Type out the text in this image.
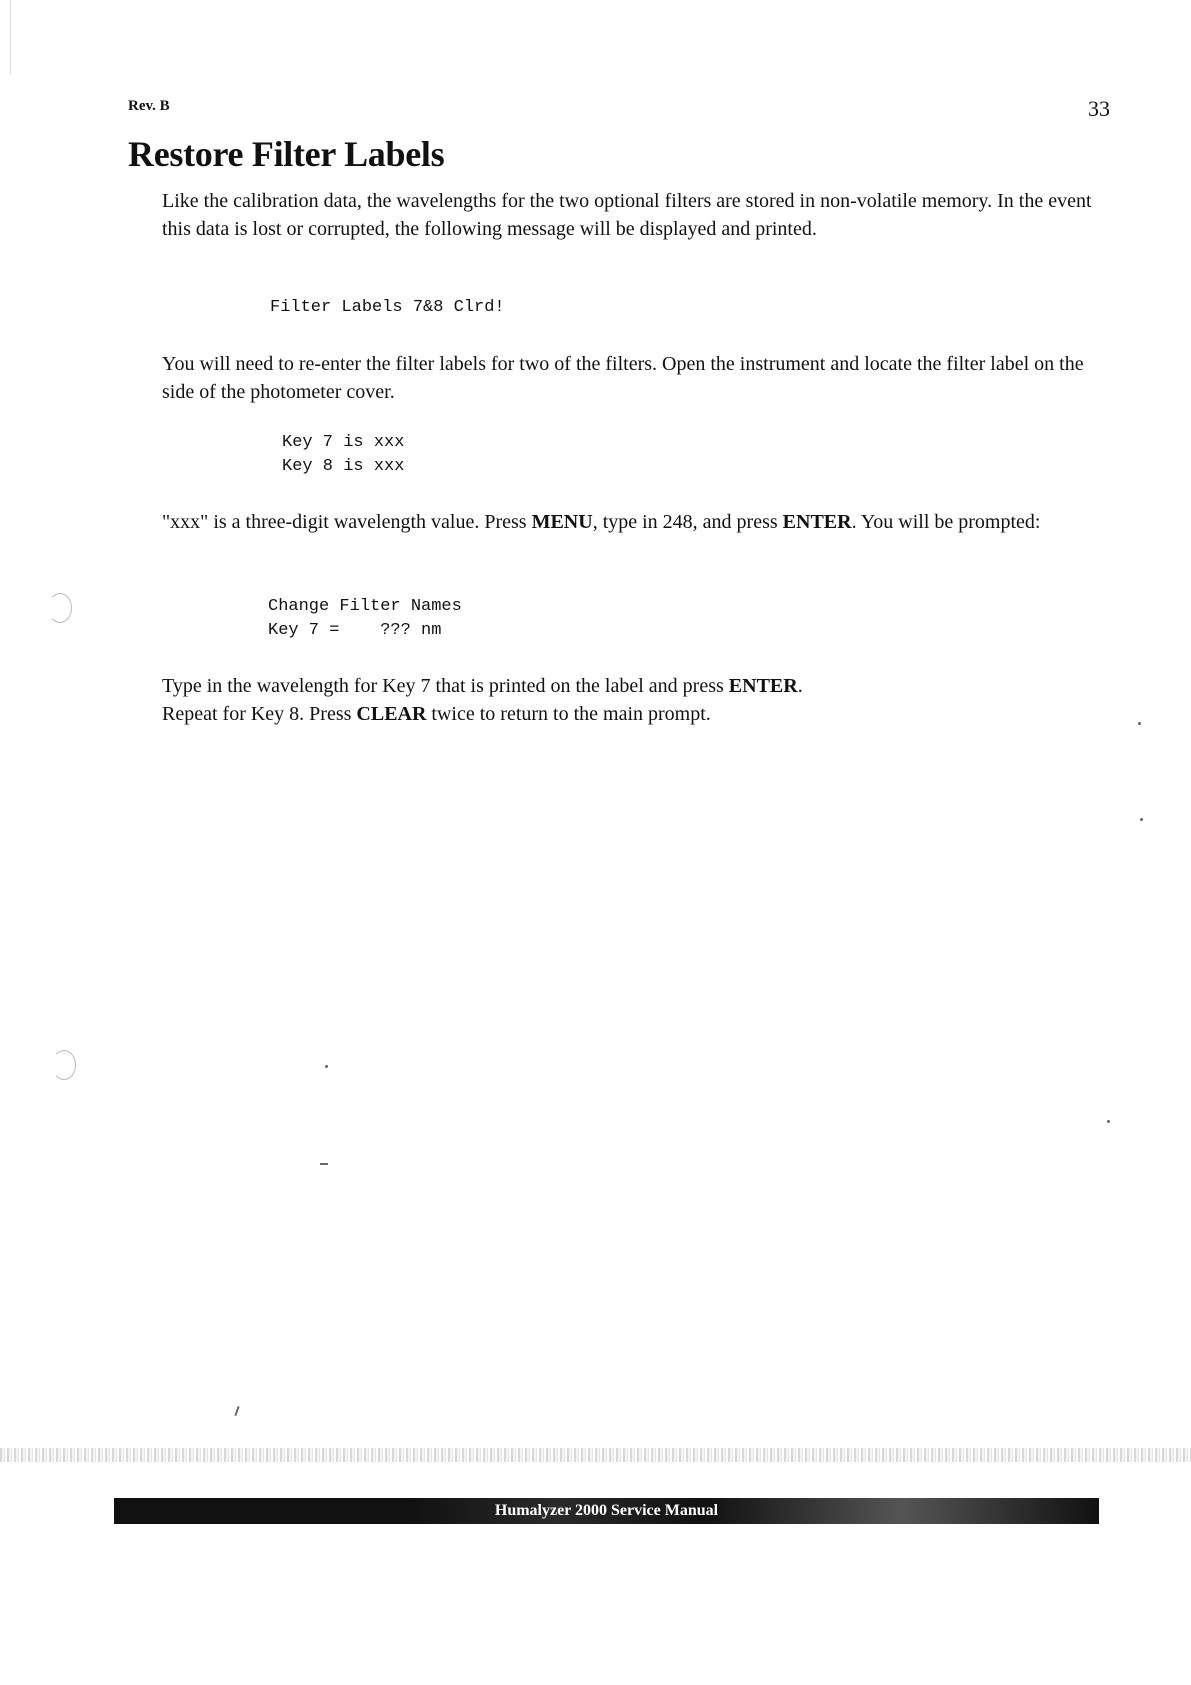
Rev. B	33
Restore Filter Labels

Like the calibration data, the wavelengths for the two optional filters are stored in non-volatile memory. In the event this data is lost or corrupted, the following message will be displayed and printed.

Filter Labels 7&8 Clrd!

You will need to re-enter the filter labels for two of the filters. Open the instrument and locate the filter label on the side of the photometer cover.

Key 7 is xxx
Key 8 is xxx

"xxx" is a three-digit wavelength value. Press MENU, type in 248, and press ENTER. You will be prompted:

Change Filter Names
Key 7 =    ??? nm

Type in the wavelength for Key 7 that is printed on the label and press ENTER.

Repeat for Key 8. Press CLEAR twice to return to the main prompt.

Humalyzer 2000 Service Manual
